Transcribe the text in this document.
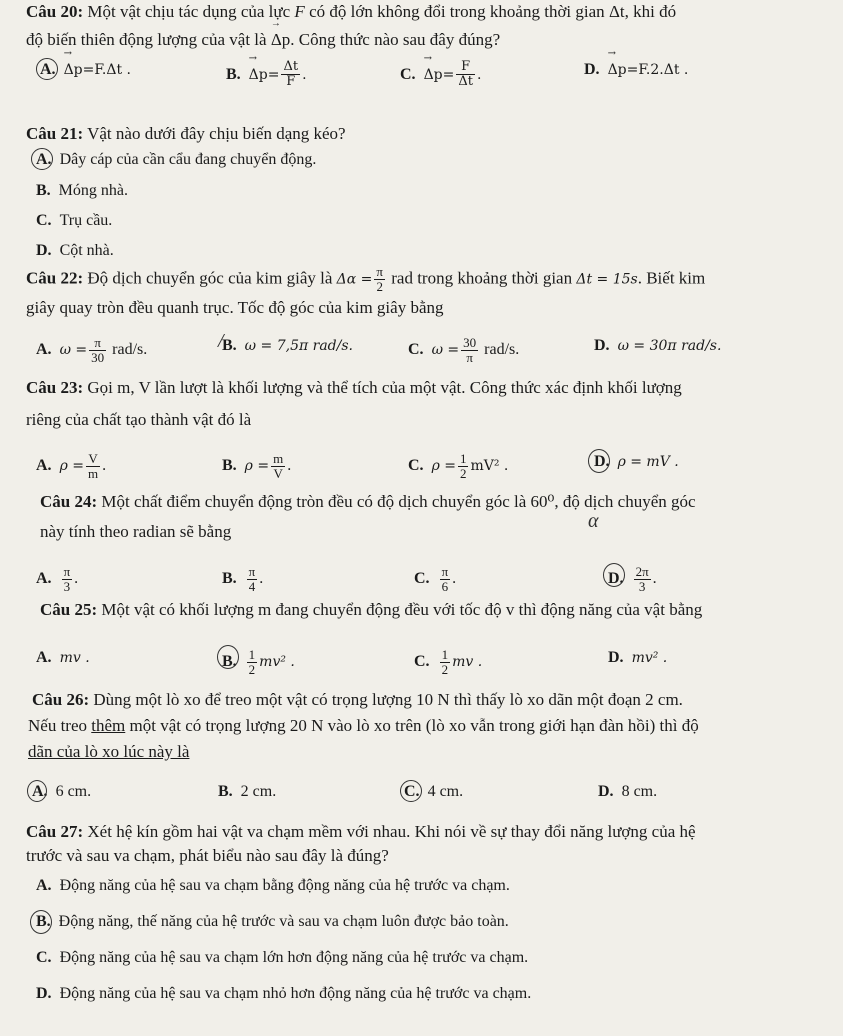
Câu 20: Một vật chịu tác dụng của lực → F có độ lớn không đổi trong khoảng thời gian Δt, khi đó
độ biến thiên động lượng của vật là → Δp. Công thức nào sau đây đúng?
A.→ Δp=F.Δt .	$B.\to \Delta p= \frac{\Delta t}{F}$ .	$C.\to \Delta p= \frac{F}{\Delta t}$ .	D.→ Δp=F.2.Δt .
Câu 21: Vật nào dưới đây chịu biến dạng kéo?
A. Dây cáp của cần cẩu đang chuyển động.
B. Móng nhà.
C. Trụ cầu.
D. Cột nhà.
Câu 22: Độ dịch chuyển góc của kim giây là $\Delta\alpha = \frac{\pi}{2}$ rad trong khoảng thời gian Δt = 15s. Biết kim
giây quay tròn đều quanh trục. Tốc độ góc của kim giây bằng
A. $\omega = \frac{\pi}{30} rad/s$.	B. ω = 7,5π rad/s.
/	C. $\omega = \frac{30}{\pi} rad/s$.	D. ω = 30π rad/s.
Câu 23: Gọi m, V lần lượt là khối lượng và thể tích của một vật. Công thức xác định khối lượng
riêng của chất tạo thành vật đó là
A. $\rho = \frac{V}{m}$ .	B. $\rho = \frac{m}{V}$ .	C. $\rho = \frac{1}{2} mV^2$ .	D. ρ = mV .
Câu 24: Một chất điểm chuyển động tròn đều có độ dịch chuyển góc là 60⁰, độ dịch chuyển góc
α
này tính theo radian sẽ bằng
A. $\frac{\pi}{3}$ .	B. $\frac{\pi}{4}$ .	C. $\frac{\pi}{6}$ .	D. $\frac{2\pi}{3}$ .
Câu 25: Một vật có khối lượng m đang chuyển động đều với tốc độ v thì động năng của vật bằng
A. mv .	B. $\frac{1}{2} mv^2$ .	C. $\frac{1}{2}$ mv .	D. mv² .
Câu 26: Dùng một lò xo để treo một vật có trọng lượng 10 N thì thấy lò xo dãn một đoạn 2 cm.
Nếu treo thêm một vật có trọng lượng 20 N vào lò xo trên (lò xo vẫn trong giới hạn đàn hồi) thì độ
dãn của lò xo lúc này là
A. 6 cm.	B. 2 cm.	C. 4 cm.	D. 8 cm.
Câu 27: Xét hệ kín gồm hai vật va chạm mềm với nhau. Khi nói về sự thay đổi năng lượng của hệ
trước và sau va chạm, phát biểu nào sau đây là đúng?
A. Động năng của hệ sau va chạm bằng động năng của hệ trước va chạm.
B. Động năng, thế năng của hệ trước và sau va chạm luôn được bảo toàn.
C. Động năng của hệ sau va chạm lớn hơn động năng của hệ trước va chạm.
D. Động năng của hệ sau va chạm nhỏ hơn động năng của hệ trước va chạm.
